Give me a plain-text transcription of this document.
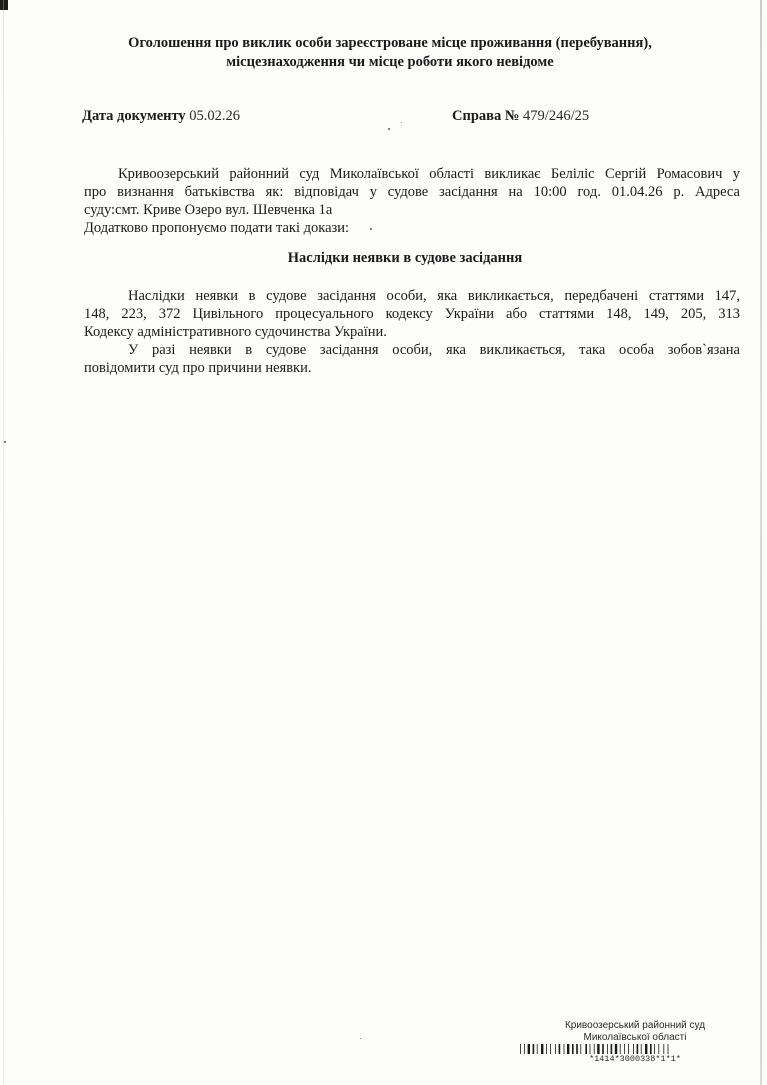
Оголошення про виклик особи зареєстроване місце проживання (перебування),
місцезнаходження чи місце роботи якого невідоме
Дата документу 05.02.26	Справа № 479/246/25
Кривоозерський районний суд Миколаївської області викликає Беліліс Сергій Ромасович у
про визнання батьківства як: відповідач у судове засідання на 10:00 год. 01.04.26 р. Адреса
суду:смт. Криве Озеро вул. Шевченка 1а
Додатково пропонуємо подати такі докази:
Наслідки неявки в судове засідання
Наслідки неявки в судове засідання особи, яка викликається, передбачені статтями 147,
148, 223, 372 Цивільного процесуального кодексу України або статтями 148, 149, 205, 313
Кодексу адміністративного судочинства України.
У разі неявки в судове засідання особи, яка викликається, така особа зобов`язана
повідомити суд про причини неявки.
Кривоозерський районний суд
Миколаївської області
*1414*3000338*1*1*
